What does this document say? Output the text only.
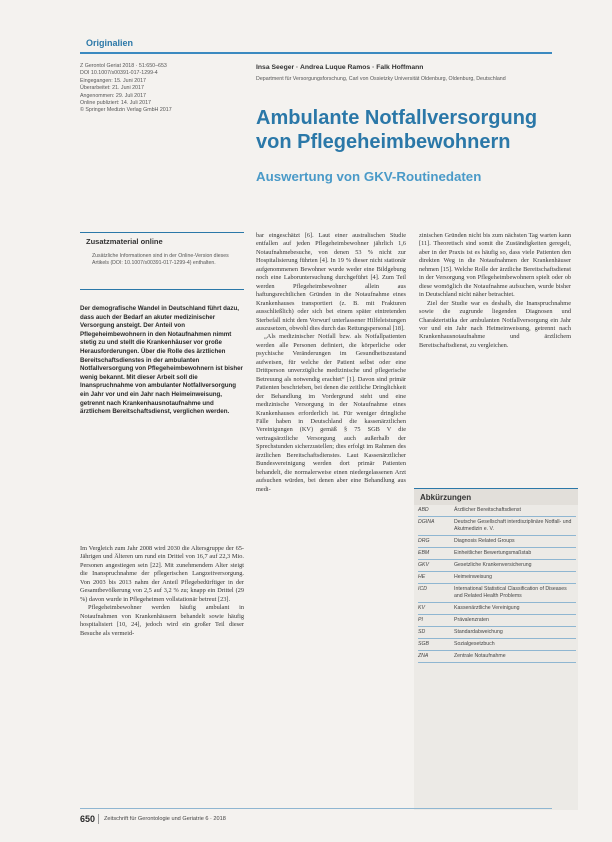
Originalien
Z Gerontol Geriat 2018 · 51:650–653
DOI 10.1007/s00391-017-1299-4
Eingegangen: 15. Juni 2017
Überarbeitet: 21. Juni 2017
Angenommen: 29. Juli 2017
Online publiziert: 14. Juli 2017
© Springer Medizin Verlag GmbH 2017
Insa Seeger · Andrea Luque Ramos · Falk Hoffmann
Department für Versorgungsforschung, Carl von Ossietzky Universität Oldenburg, Oldenburg, Deutschland
Ambulante Notfallversorgung von Pflegeheimbewohnern
Auswertung von GKV-Routinedaten
Zusatzmaterial online
Zusätzliche Informationen sind in der Online-Version dieses Artikels (DOI: 10.1007/s00391-017-1299-4) enthalten.
Der demografische Wandel in Deutschland führt dazu, dass auch der Bedarf an akuter medizinischer Versorgung ansteigt. Der Anteil von Pflegeheimbewohnern in den Notaufnahmen nimmt stetig zu und stellt die Krankenhäuser vor große Herausforderungen. Über die Rolle des ärztlichen Bereitschaftsdienstes in der ambulanten Notfallversorgung von Pflegeheimbewohnern ist bisher wenig bekannt. Mit dieser Arbeit soll die Inanspruchnahme von ambulanter Notfallversorgung ein Jahr vor und ein Jahr nach Heimeinweisung, getrennt nach Krankenhausnotaufnahme und ärztlichem Bereitschaftsdienst, verglichen werden.

Im Vergleich zum Jahr 2008 wird 2030 die Altersgruppe der 65-Jährigen und Älteren um rund ein Drittel von 16,7 auf 22,3 Mio. Personen angestiegen sein [22]. Mit zunehmendem Alter steigt die Inanspruchnahme der pflegerischen Langzeitversorgung. Von 2003 bis 2013 nahm der Anteil Pflegebedürftiger in der Gesamtbevölkerung von 2,5 auf 3,2 % zu; knapp ein Drittel (29 %) davon wurde in Pflegeheimen vollstationär betreut [23].

Pflegeheimbewohner werden häufig ambulant in Notaufnahmen von Krankenhäusern behandelt sowie häufig hospitalisiert [10, 24], jedoch wird ein großer Teil dieser Besuche als vermeid-

bar eingeschätzt [6]. Laut einer australischen Studie entfallen auf jeden Pflegeheimbewohner jährlich 1,6 Notaufnahmebesuche, von denen 53 % nicht zur Hospitalisierung führten [4]. In 19 % dieser nicht stationär aufgenommenen Bewohner wurde weder eine Bildgebung noch eine Laboruntersuchung durchgeführt [4]. Zum Teil werden Pflegeheimbewohner allein aus haftungsrechtlichen Gründen in die Notaufnahme eines Krankenhauses transportiert (z. B. mit Frakturen ausschließlich) oder sich bei einem später eintretenden Sterbefall nicht dem Vorwurf unterlassener Hilfeleistungen auszusetzen, obwohl dies durch das Rettungspersonal [18].

„Als medizinischer Notfall bzw. als Notfallpatienten werden alle Personen definiert, die körperliche oder psychische Veränderungen im Gesundheitszustand aufweisen, für welche der Patient selbst oder eine Drittperson unverzügliche medizinische und pflegerische Betreuung als notwendig erachtet“ [1]. Davon sind primär Patienten beschrieben, bei denen die zeitliche Dringlichkeit der Behandlung im Vordergrund steht und eine medizinische Versorgung in der Notaufnahme eines Krankenhauses erforderlich ist. Für weniger dringliche Fälle haben in Deutschland die kassenärztlichen Vereinigungen (KV) gemäß § 75 SGB V die vertragsärztliche Versorgung auch außerhalb der Sprechstunden sicherzustellen; dies erfolgt im Rahmen des ärztlichen Bereitschaftsdienstes. Laut Kassenärztlicher Bundesvereinigung werden dort primär Patienten behandelt, die normalerweise einen niedergelassenen Arzt aufsuchen würden, bei denen aber eine Behandlung aus medi-

zinischen Gründen nicht bis zum nächsten Tag warten kann [11]. Theoretisch sind somit die Zuständigkeiten geregelt, aber in der Praxis ist es häufig so, dass viele Patienten den direkten Weg in die Notaufnahmen der Krankenhäuser nehmen [15]. Welche Rolle der ärztliche Bereitschaftsdienst in der Versorgung von Pflegeheimbewohnern spielt oder ob diese womöglich die Notaufnahme aufsuchen, wurde bisher in Deutschland nicht näher betrachtet.

Ziel der Studie war es deshalb, die Inanspruchnahme sowie die zugrunde liegenden Diagnosen und Charakteristika der ambulanten Notfallversorgung ein Jahr vor und ein Jahr nach Heimeinweisung, getrennt nach Krankenhausnotaufnahme und ärztlichem Bereitschaftsdienst, zu vergleichen.

Abkürzungen
ABD	Ärztlicher Bereitschaftsdienst
DGINA	Deutsche Gesellschaft interdisziplinäre Notfall- und Akutmedizin e. V.
DRG	Diagnosis Related Groups
EBM	Einheitlicher Bewertungsmaßstab
GKV	Gesetzliche Krankenversicherung
HE	Heimeinweisung
ICD	International Statistical Classification of Diseases and Related Health Problems
KV	Kassenärztliche Vereinigung
PI	Prävalenzraten
SD	Standardabweichung
SGB	Sozialgesetzbuch
ZNA	Zentrale Notaufnahme
650 Zeitschrift für Gerontologie und Geriatrie 6 · 2018
